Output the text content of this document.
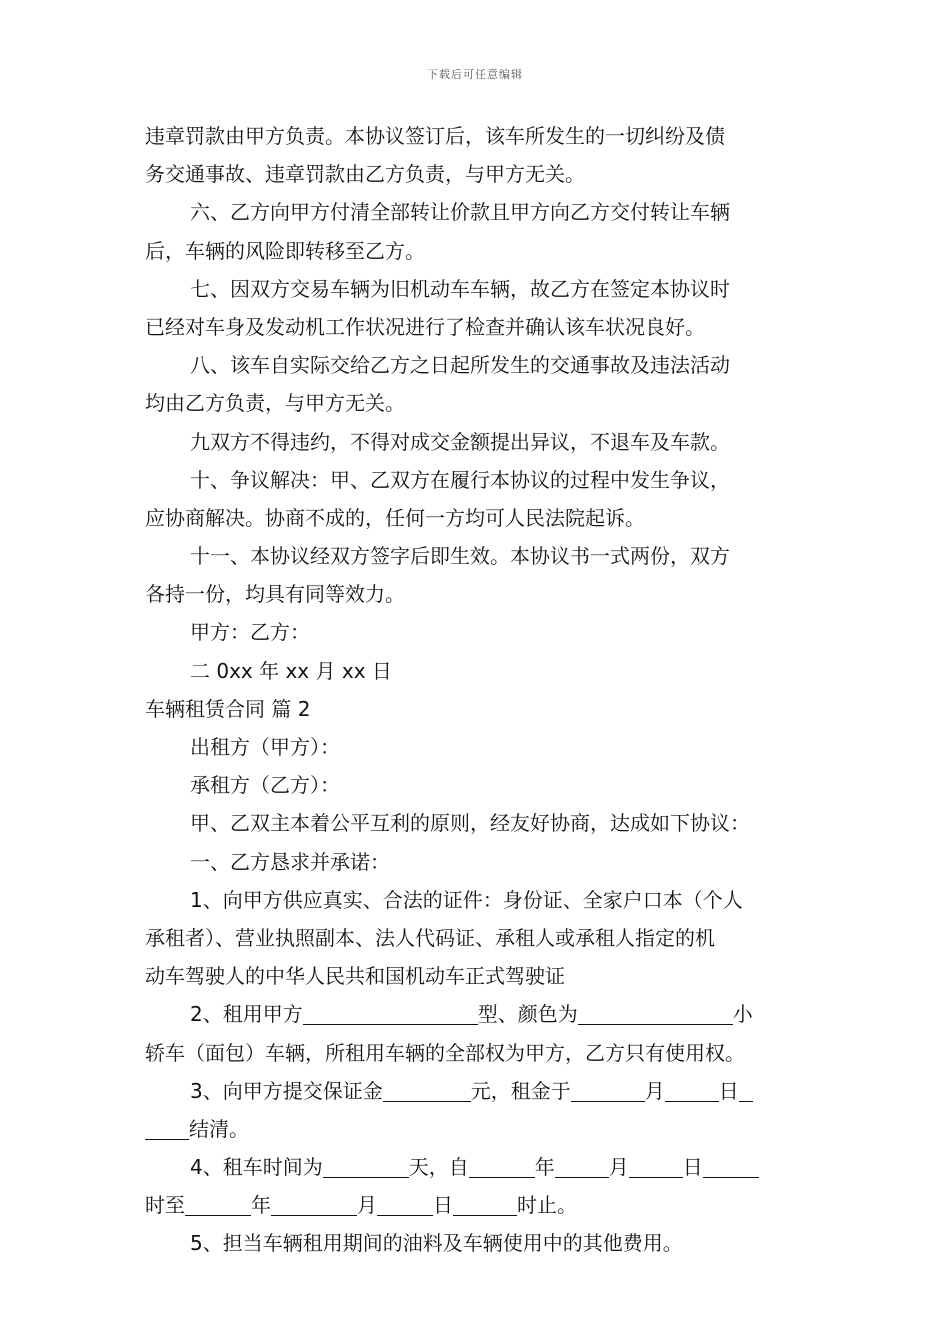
下载后可任意编辑
违章罚款由甲方负责。本协议签订后，该车所发生的一切纠纷及债
务交通事故、违章罚款由乙方负责，与甲方无关。
六、乙方向甲方付清全部转让价款且甲方向乙方交付转让车辆
后，车辆的风险即转移至乙方。
七、因双方交易车辆为旧机动车车辆，故乙方在签定本协议时
已经对车身及发动机工作状况进行了检查并确认该车状况良好。
八、该车自实际交给乙方之日起所发生的交通事故及违法活动
均由乙方负责，与甲方无关。
九双方不得违约，不得对成交金额提出异议，不退车及车款。
十、争议解决：甲、乙双方在履行本协议的过程中发生争议，
应协商解决。协商不成的，任何一方均可人民法院起诉。
十一、本协议经双方签字后即生效。本协议书一式两份，双方
各持一份，均具有同等效力。
甲方：乙方：
二 0xx 年 xx 月 xx 日
车辆租赁合同 篇 2
出租方（甲方）：
承租方（乙方）：
甲、乙双主本着公平互利的原则，经友好协商，达成如下协议：
一、乙方恳求并承诺：
1、向甲方供应真实、合法的证件：身份证、全家户口本（个人
承租者）、营业执照副本、法人代码证、承租人或承租人指定的机
动车驾驶人的中华人民共和国机动车正式驾驶证
2、租用甲方	型、颜色为	小
轿车（面包）车辆，所租用车辆的全部权为甲方，乙方只有使用权。
3、向甲方提交保证金	元，租金于	月	日
结清。
4、租车时间为	天，自	年	月	日
时至	年	月	日	时止。
5、担当车辆租用期间的油料及车辆使用中的其他费用。
